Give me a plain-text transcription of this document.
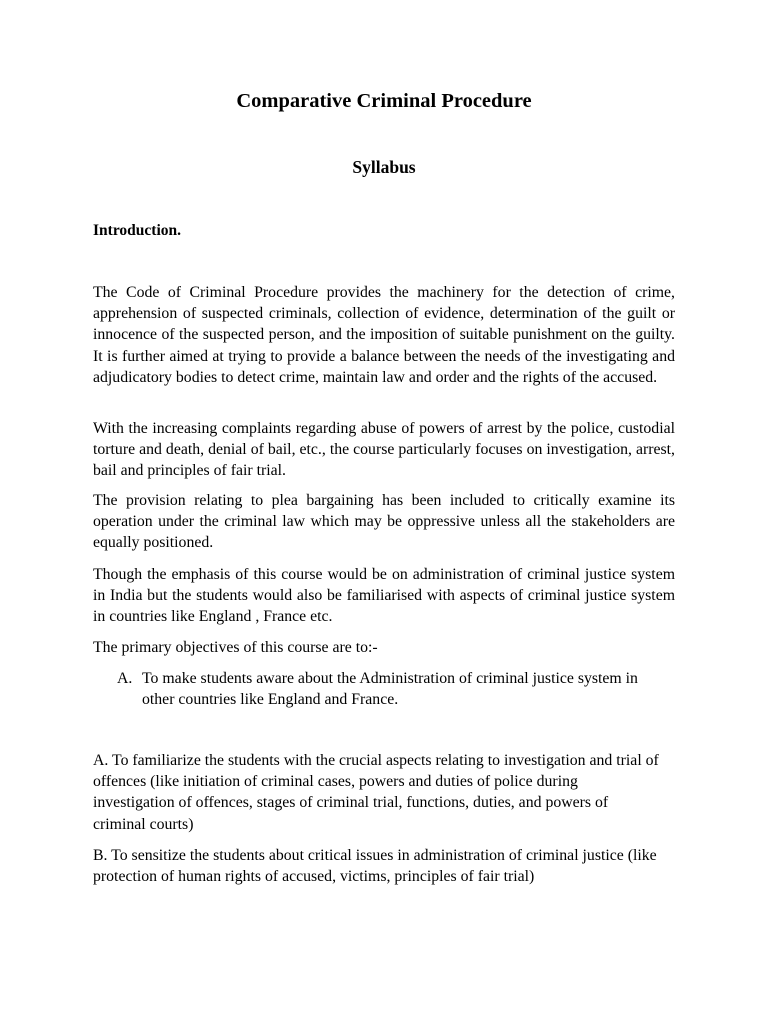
Comparative Criminal Procedure
Syllabus
Introduction.

The Code of Criminal Procedure provides the machinery for the detection of crime, apprehension of suspected criminals, collection of evidence, determination of the guilt or innocence of the suspected person, and the imposition of suitable punishment on the guilty. It is further aimed at trying to provide a balance between the needs of the investigating and adjudicatory bodies to detect crime, maintain law and order and the rights of the accused.

With the increasing complaints regarding abuse of powers of arrest by the police, custodial torture and death, denial of bail, etc., the course particularly focuses on investigation, arrest, bail and principles of fair trial.

The provision relating to plea bargaining has been included to critically examine its operation under the criminal law which may be oppressive unless all the stakeholders are equally positioned.

Though the emphasis of this course would be on administration of criminal justice system in India but the students would also be familiarised with aspects of criminal justice system in countries like England , France etc.

The primary objectives of this course are to:-

A. To make students aware about the Administration of criminal justice system in other countries like England and France.

A. To familiarize the students with the crucial aspects relating to investigation and trial of offences (like initiation of criminal cases, powers and duties of police during investigation of offences, stages of criminal trial, functions, duties, and powers of criminal courts)

B. To sensitize the students about critical issues in administration of criminal justice (like protection of human rights of accused, victims, principles of fair trial)
